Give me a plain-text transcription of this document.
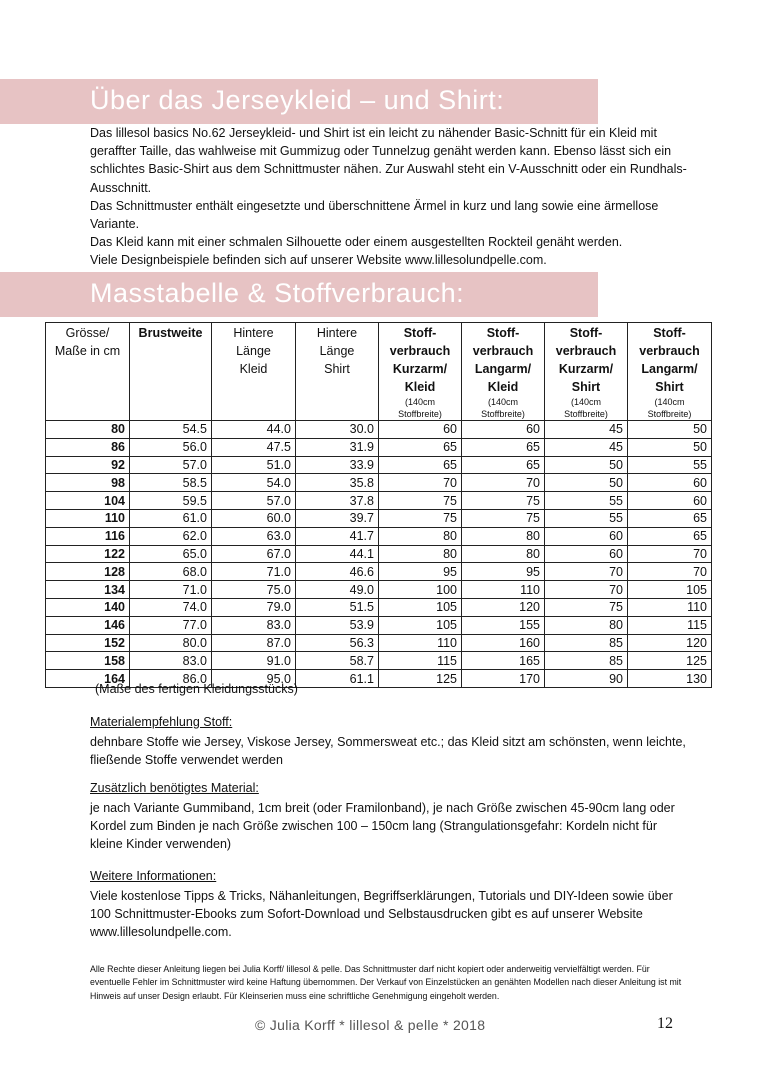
Über das Jerseykleid – und Shirt:

Das lillesol basics No.62 Jerseykleid- und Shirt ist ein leicht zu nähender Basic-Schnitt für ein Kleid mit geraffter Taille, das wahlweise mit Gummizug oder Tunnelzug genäht werden kann. Ebenso lässt sich ein schlichtes Basic-Shirt aus dem Schnittmuster nähen. Zur Auswahl steht ein V-Ausschnitt oder ein Rundhals-Ausschnitt.

Das Schnittmuster enthält eingesetzte und überschnittene Ärmel in kurz und lang sowie eine ärmellose Variante.

Das Kleid kann mit einer schmalen Silhouette oder einem ausgestellten Rockteil genäht werden.

Viele Designbeispiele befinden sich auf unserer Website www.lillesolundpelle.com.

Masstabelle & Stoffverbrauch:
Grösse/
Maße in cm	Brustweite	Hintere
Länge
Kleid	Hintere
Länge
Shirt	Stoff-
verbrauch
Kurzarm/
Kleid
(140cm Stoffbreite)	Stoff-
verbrauch
Langarm/
Kleid
(140cm Stoffbreite)	Stoff-
verbrauch
Kurzarm/
Shirt
(140cm Stoffbreite)	Stoff-
verbrauch
Langarm/
Shirt
(140cm Stoffbreite)

80	54.5	44.0	30.0	60	60	45	50
86	56.0	47.5	31.9	65	65	45	50
92	57.0	51.0	33.9	65	65	50	55
98	58.5	54.0	35.8	70	70	50	60
104	59.5	57.0	37.8	75	75	55	60
110	61.0	60.0	39.7	75	75	55	65
116	62.0	63.0	41.7	80	80	60	65
122	65.0	67.0	44.1	80	80	60	70
128	68.0	71.0	46.6	95	95	70	70
134	71.0	75.0	49.0	100	110	70	105
140	74.0	79.0	51.5	105	120	75	110
146	77.0	83.0	53.9	105	155	80	115
152	80.0	87.0	56.3	110	160	85	120
158	83.0	91.0	58.7	115	165	85	125
164	86.0	95.0	61.1	125	170	90	130
(Maße des fertigen Kleidungsstücks)
Materialempfehlung Stoff:

dehnbare Stoffe wie Jersey, Viskose Jersey, Sommersweat etc.; das Kleid sitzt am schönsten, wenn leichte, fließende Stoffe verwendet werden

Zusätzlich benötigtes Material:

je nach Variante Gummiband, 1cm breit (oder Framilonband), je nach Größe zwischen 45-90cm lang oder Kordel zum Binden je nach Größe zwischen 100 – 150cm lang (Strangulationsgefahr: Kordeln nicht für kleine Kinder verwenden)

Weitere Informationen:

Viele kostenlose Tipps & Tricks, Nähanleitungen, Begriffserklärungen, Tutorials und DIY-Ideen sowie über 100 Schnittmuster-Ebooks zum Sofort-Download und Selbstausdrucken gibt es auf unserer Website www.lillesolundpelle.com.

Alle Rechte dieser Anleitung liegen bei Julia Korff/ lillesol & pelle. Das Schnittmuster darf nicht kopiert oder anderweitig vervielfältigt werden. Für eventuelle Fehler im Schnittmuster wird keine Haftung übernommen. Der Verkauf von Einzelstücken an genähten Modellen nach dieser Anleitung ist mit Hinweis auf unser Design erlaubt. Für Kleinserien muss eine schriftliche Genehmigung eingeholt werden.

© Julia Korff * lillesol & pelle * 2018	12
